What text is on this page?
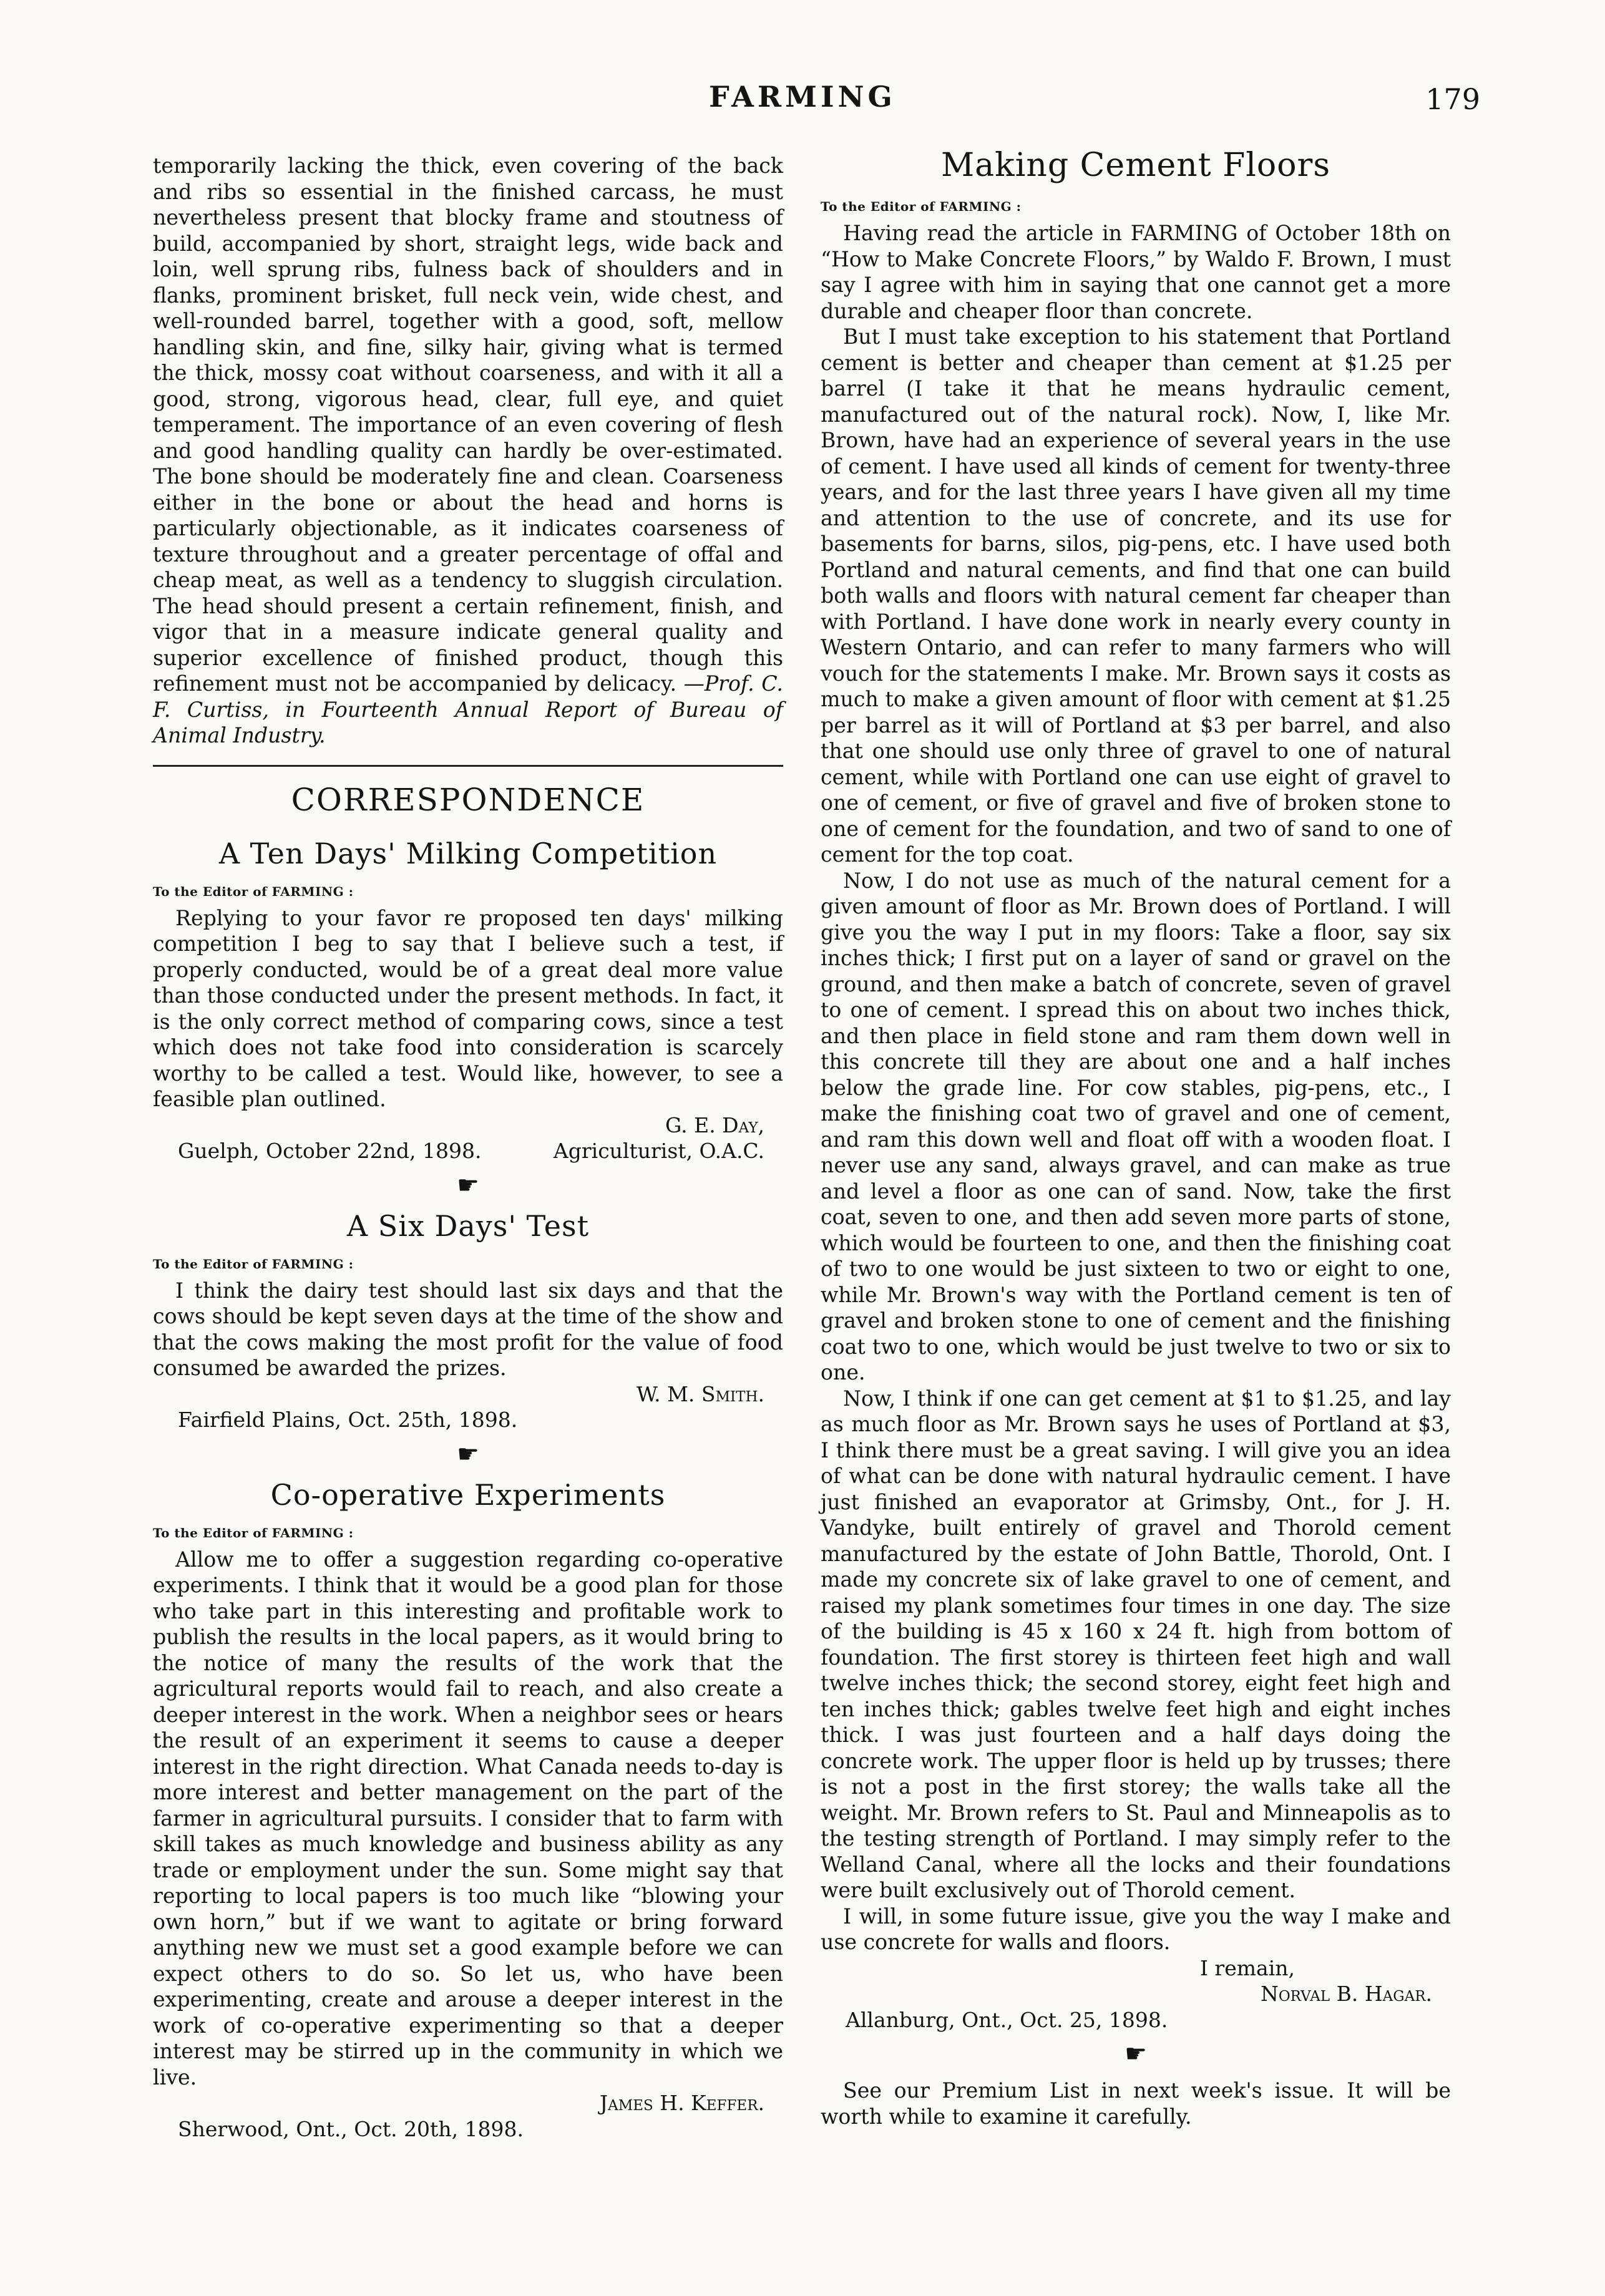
FARMING	179

temporarily lacking the thick, even covering of the back and ribs so essential in the finished carcass, he must nevertheless present that blocky frame and stoutness of build, accompanied by short, straight legs, wide back and loin, well sprung ribs, fulness back of shoulders and in flanks, prominent brisket, full neck vein, wide chest, and well-rounded barrel, together with a good, soft, mellow handling skin, and fine, silky hair, giving what is termed the thick, mossy coat without coarseness, and with it all a good, strong, vigorous head, clear, full eye, and quiet temperament. The importance of an even covering of flesh and good handling quality can hardly be over-estimated. The bone should be moderately fine and clean. Coarseness either in the bone or about the head and horns is particularly objectionable, as it indicates coarseness of texture throughout and a greater percentage of offal and cheap meat, as well as a tendency to sluggish circulation. The head should present a certain refinement, finish, and vigor that in a measure indicate general quality and superior excellence of finished product, though this refinement must not be accompanied by delicacy. —Prof. C. F. Curtiss, in Fourteenth Annual Report of Bureau of Animal Industry.

CORRESPONDENCE
A Ten Days' Milking Competition
To the Editor of FARMING :

Replying to your favor re proposed ten days' milking competition I beg to say that I believe such a test, if properly conducted, would be of a great deal more value than those conducted under the present methods. In fact, it is the only correct method of comparing cows, since a test which does not take food into consideration is scarcely worthy to be called a test. Would like, however, to see a feasible plan outlined.

G. E. Day,
Guelph, October 22nd, 1898.	Agriculturist, O.A.C.
☛
A Six Days' Test
To the Editor of FARMING :

I think the dairy test should last six days and that the cows should be kept seven days at the time of the show and that the cows making the most profit for the value of food consumed be awarded the prizes.

W. M. Smith.
Fairfield Plains, Oct. 25th, 1898.
☛
Co-operative Experiments
To the Editor of FARMING :

Allow me to offer a suggestion regarding co-operative experiments. I think that it would be a good plan for those who take part in this interesting and profitable work to publish the results in the local papers, as it would bring to the notice of many the results of the work that the agricultural reports would fail to reach, and also create a deeper interest in the work. When a neighbor sees or hears the result of an experiment it seems to cause a deeper interest in the right direction. What Canada needs to-day is more interest and better management on the part of the farmer in agricultural pursuits. I consider that to farm with skill takes as much knowledge and business ability as any trade or employment under the sun. Some might say that reporting to local papers is too much like “blowing your own horn,” but if we want to agitate or bring forward anything new we must set a good example before we can expect others to do so. So let us, who have been experimenting, create and arouse a deeper interest in the work of co-operative experimenting so that a deeper interest may be stirred up in the community in which we live.

James H. Keffer.
Sherwood, Ont., Oct. 20th, 1898.
Making Cement Floors
To the Editor of FARMING :

Having read the article in FARMING of October 18th on “How to Make Concrete Floors,” by Waldo F. Brown, I must say I agree with him in saying that one cannot get a more durable and cheaper floor than concrete.

But I must take exception to his statement that Portland cement is better and cheaper than cement at $1.25 per barrel (I take it that he means hydraulic cement, manufactured out of the natural rock). Now, I, like Mr. Brown, have had an experience of several years in the use of cement. I have used all kinds of cement for twenty-three years, and for the last three years I have given all my time and attention to the use of concrete, and its use for basements for barns, silos, pig-pens, etc. I have used both Portland and natural cements, and find that one can build both walls and floors with natural cement far cheaper than with Portland. I have done work in nearly every county in Western Ontario, and can refer to many farmers who will vouch for the statements I make. Mr. Brown says it costs as much to make a given amount of floor with cement at $1.25 per barrel as it will of Portland at $3 per barrel, and also that one should use only three of gravel to one of natural cement, while with Portland one can use eight of gravel to one of cement, or five of gravel and five of broken stone to one of cement for the foundation, and two of sand to one of cement for the top coat.

Now, I do not use as much of the natural cement for a given amount of floor as Mr. Brown does of Portland. I will give you the way I put in my floors: Take a floor, say six inches thick; I first put on a layer of sand or gravel on the ground, and then make a batch of concrete, seven of gravel to one of cement. I spread this on about two inches thick, and then place in field stone and ram them down well in this concrete till they are about one and a half inches below the grade line. For cow stables, pig-pens, etc., I make the finishing coat two of gravel and one of cement, and ram this down well and float off with a wooden float. I never use any sand, always gravel, and can make as true and level a floor as one can of sand. Now, take the first coat, seven to one, and then add seven more parts of stone, which would be fourteen to one, and then the finishing coat of two to one would be just sixteen to two or eight to one, while Mr. Brown's way with the Portland cement is ten of gravel and broken stone to one of cement and the finishing coat two to one, which would be just twelve to two or six to one.

Now, I think if one can get cement at $1 to $1.25, and lay as much floor as Mr. Brown says he uses of Portland at $3, I think there must be a great saving. I will give you an idea of what can be done with natural hydraulic cement. I have just finished an evaporator at Grimsby, Ont., for J. H. Vandyke, built entirely of gravel and Thorold cement manufactured by the estate of John Battle, Thorold, Ont. I made my concrete six of lake gravel to one of cement, and raised my plank sometimes four times in one day. The size of the building is 45 x 160 x 24 ft. high from bottom of foundation. The first storey is thirteen feet high and wall twelve inches thick; the second storey, eight feet high and ten inches thick; gables twelve feet high and eight inches thick. I was just fourteen and a half days doing the concrete work. The upper floor is held up by trusses; there is not a post in the first storey; the walls take all the weight. Mr. Brown refers to St. Paul and Minneapolis as to the testing strength of Portland. I may simply refer to the Welland Canal, where all the locks and their foundations were built exclusively out of Thorold cement.

I will, in some future issue, give you the way I make and use concrete for walls and floors.

I remain,
Norval B. Hagar.
Allanburg, Ont., Oct. 25, 1898.
☛

See our Premium List in next week's issue. It will be worth while to examine it carefully.
